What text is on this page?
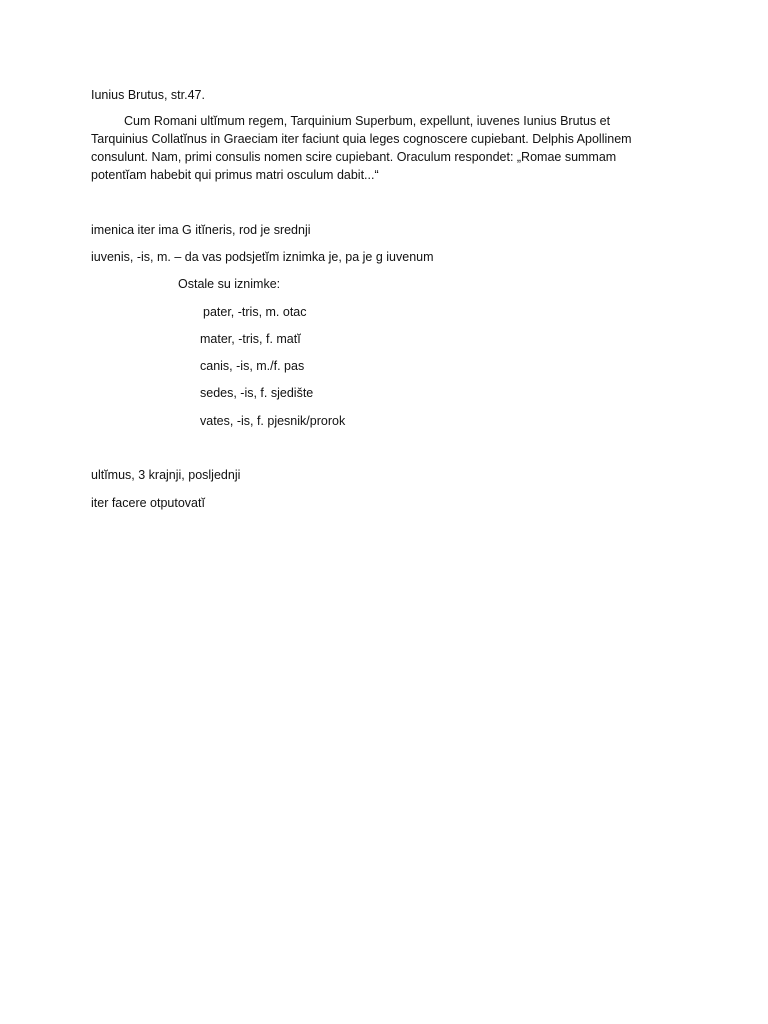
Iunius Brutus, str.47.
Cum Romani ultĭmum regem, Tarquinium Superbum, expellunt, iuvenes Iunius Brutus et
Tarquinius Collatĭnus in Graeciam iter faciunt quia leges cognoscere cupiebant. Delphis Apollinem
consulunt. Nam, primi consulis nomen scire cupiebant. Oraculum respondet: „Romae summam
potentĭam habebit qui primus matri osculum dabit...“
imenica iter ima G itĭneris, rod je srednji
iuvenis, -is, m. – da vas podsjetĭm iznimka je, pa je g iuvenum
Ostale su iznimke:
pater, -tris, m. otac
mater, -tris, f. matĭ
canis, -is, m./f. pas
sedes, -is, f. sjedište
vates, -is, f. pjesnik/prorok
ultĭmus, 3 krajnji, posljednji
iter facere otputovatĭ
